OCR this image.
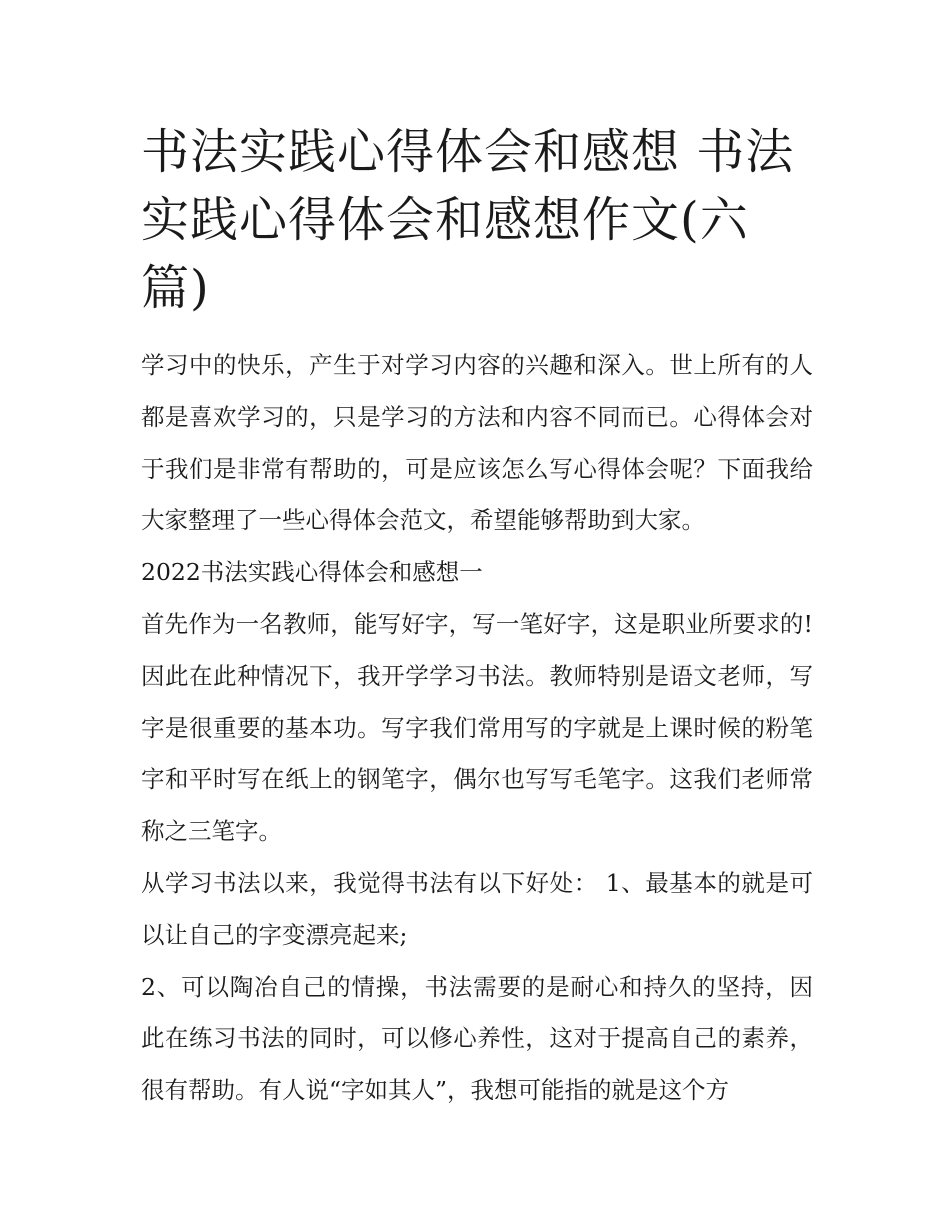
书法实践心得体会和感想 书法实践心得体会和感想作文(六篇)

学习中的快乐，产生于对学习内容的兴趣和深入。世上所有的人都是喜欢学习的，只是学习的方法和内容不同而已。心得体会对于我们是非常有帮助的，可是应该怎么写心得体会呢？下面我给大家整理了一些心得体会范文，希望能够帮助到大家。

2022书法实践心得体会和感想一

首先作为一名教师，能写好字，写一笔好字，这是职业所要求的!因此在此种情况下，我开学学习书法。教师特别是语文老师，写字是很重要的基本功。写字我们常用写的字就是上课时候的粉笔字和平时写在纸上的钢笔字，偶尔也写写毛笔字。这我们老师常称之三笔字。

从学习书法以来，我觉得书法有以下好处： 1、最基本的就是可以让自己的字变漂亮起来;

2、可以陶冶自己的情操，书法需要的是耐心和持久的坚持，因此在练习书法的同时，可以修心养性，这对于提高自己的素养，很有帮助。有人说“字如其人”，我想可能指的就是这个方
